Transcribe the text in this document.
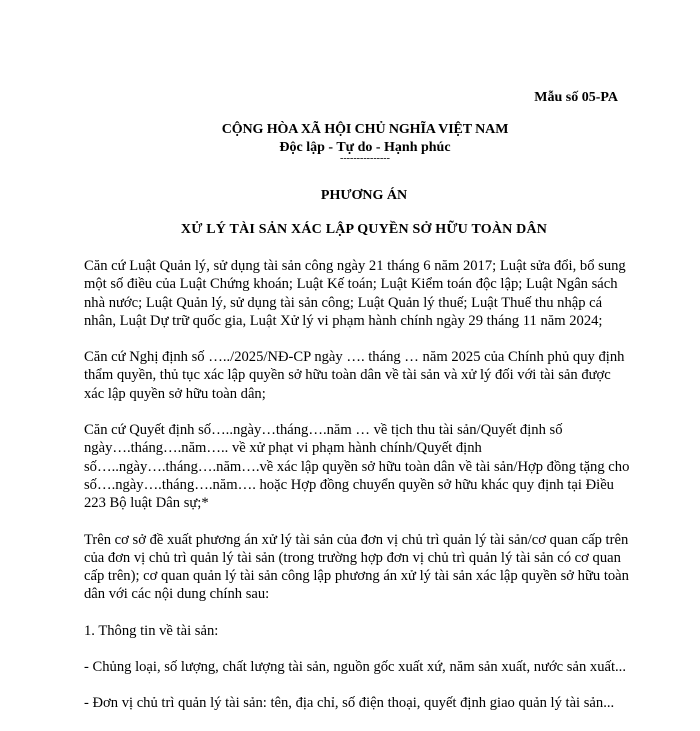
Mẫu số 05-PA
CỘNG HÒA XÃ HỘI CHỦ NGHĨA VIỆT NAM
Độc lập - Tự do - Hạnh phúc
---------------
PHƯƠNG ÁN
XỬ LÝ TÀI SẢN XÁC LẬP QUYỀN SỞ HỮU TOÀN DÂN

Căn cứ Luật Quản lý, sử dụng tài sản công ngày 21 tháng 6 năm 2017; Luật sửa đổi, bổ sung một số điều của Luật Chứng khoán; Luật Kế toán; Luật Kiểm toán độc lập; Luật Ngân sách nhà nước; Luật Quản lý, sử dụng tài sản công; Luật Quản lý thuế; Luật Thuế thu nhập cá nhân, Luật Dự trữ quốc gia, Luật Xử lý vi phạm hành chính ngày 29 tháng 11 năm 2024;

Căn cứ Nghị định số …../2025/NĐ-CP ngày …. tháng … năm 2025 của Chính phủ quy định thẩm quyền, thủ tục xác lập quyền sở hữu toàn dân về tài sản và xử lý đối với tài sản được xác lập quyền sở hữu toàn dân;

Căn cứ Quyết định số…..ngày…tháng….năm … về tịch thu tài sản/Quyết định số ngày….tháng….năm….. về xử phạt vi phạm hành chính/Quyết định số…..ngày….tháng….năm….về xác lập quyền sở hữu toàn dân về tài sản/Hợp đồng tặng cho số….ngày….tháng….năm…. hoặc Hợp đồng chuyển quyền sở hữu khác quy định tại Điều 223 Bộ luật Dân sự;*

Trên cơ sở đề xuất phương án xử lý tài sản của đơn vị chủ trì quản lý tài sản/cơ quan cấp trên của đơn vị chủ trì quản lý tài sản (trong trường hợp đơn vị chủ trì quản lý tài sản có cơ quan cấp trên); cơ quan quản lý tài sản công lập phương án xử lý tài sản xác lập quyền sở hữu toàn dân với các nội dung chính sau:

1. Thông tin về tài sản:

- Chủng loại, số lượng, chất lượng tài sản, nguồn gốc xuất xứ, năm sản xuất, nước sản xuất...

- Đơn vị chủ trì quản lý tài sản: tên, địa chỉ, số điện thoại, quyết định giao quản lý tài sản...
